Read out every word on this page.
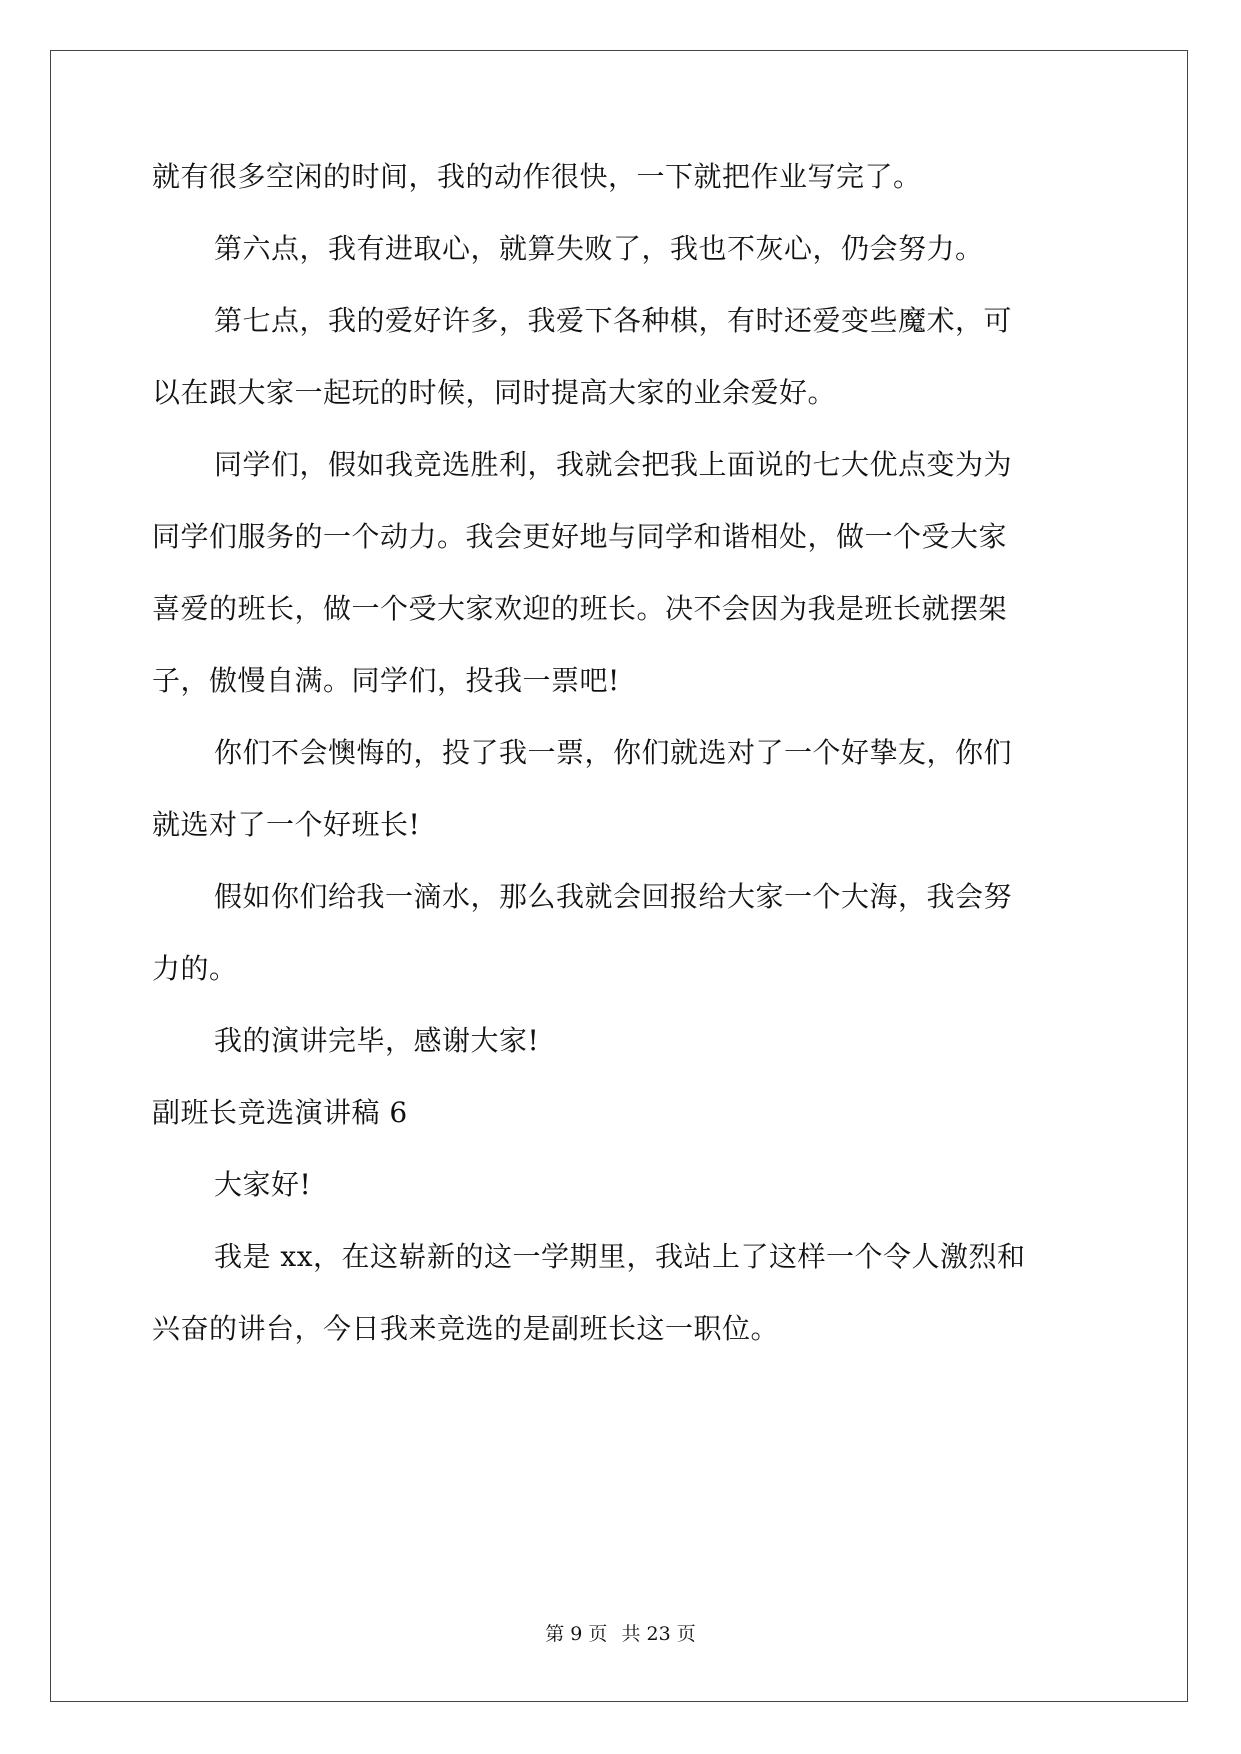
就有很多空闲的时间，我的动作很快，一下就把作业写完了。
第六点，我有进取心，就算失败了，我也不灰心，仍会努力。
第七点，我的爱好许多，我爱下各种棋，有时还爱变些魔术，可
以在跟大家一起玩的时候，同时提高大家的业余爱好。
同学们，假如我竞选胜利，我就会把我上面说的七大优点变为为
同学们服务的一个动力。我会更好地与同学和谐相处，做一个受大家
喜爱的班长，做一个受大家欢迎的班长。决不会因为我是班长就摆架
子，傲慢自满。同学们，投我一票吧!
你们不会懊悔的，投了我一票，你们就选对了一个好挚友，你们
就选对了一个好班长!
假如你们给我一滴水，那么我就会回报给大家一个大海，我会努
力的。
我的演讲完毕，感谢大家!
副班长竞选演讲稿 6
大家好!
我是 xx，在这崭新的这一学期里，我站上了这样一个令人激烈和
兴奋的讲台，今日我来竞选的是副班长这一职位。
第 9 页 共 23 页
